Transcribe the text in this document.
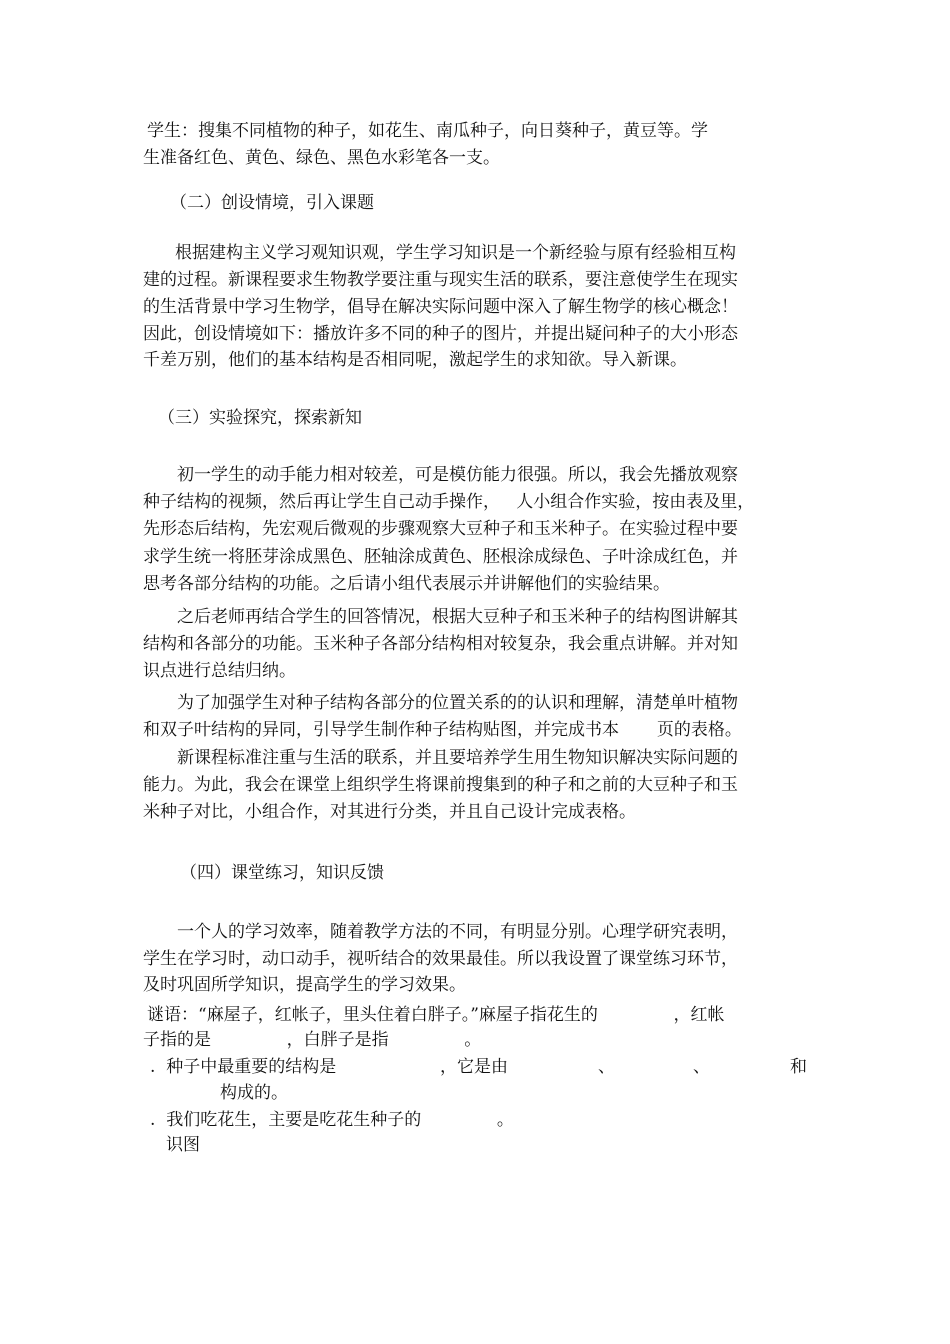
学生：搜集不同植物的种子，如花生、南瓜种子，向日葵种子，黄豆等。学

生准备红色、黄色、绿色、黑色水彩笔各一支。

（二）创设情境，引入课题

根据建构主义学习观知识观，学生学习知识是一个新经验与原有经验相互构

建的过程。新课程要求生物教学要注重与现实生活的联系，要注意使学生在现实

的生活背景中学习生物学，倡导在解决实际问题中深入了解生物学的核心概念！

因此，创设情境如下：播放许多不同的种子的图片，并提出疑问种子的大小形态

千差万别，他们的基本结构是否相同呢，激起学生的求知欲。导入新课。

（三）实验探究，探索新知

初一学生的动手能力相对较差，可是模仿能力很强。所以，我会先播放观察

种子结构的视频，然后再让学生自己动手操作，   人小组合作实验，按由表及里，

先形态后结构，先宏观后微观的步骤观察大豆种子和玉米种子。在实验过程中要

求学生统一将胚芽涂成黑色、胚轴涂成黄色、胚根涂成绿色、子叶涂成红色，并

思考各部分结构的功能。之后请小组代表展示并讲解他们的实验结果。

之后老师再结合学生的回答情况，根据大豆种子和玉米种子的结构图讲解其

结构和各部分的功能。玉米种子各部分结构相对较复杂，我会重点讲解。并对知

识点进行总结归纳。

为了加强学生对种子结构各部分的位置关系的的认识和理解，清楚单叶植物

和双子叶结构的异同，引导学生制作种子结构贴图，并完成书本       页的表格。

新课程标准注重与生活的联系，并且要培养学生用生物知识解决实际问题的

能力。为此，我会在课堂上组织学生将课前搜集到的种子和之前的大豆种子和玉

米种子对比，小组合作，对其进行分类，并且自己设计完成表格。

（四）课堂练习，知识反馈

一个人的学习效率，随着教学方法的不同，有明显分别。心理学研究表明，

学生在学习时，动口动手，视听结合的效果最佳。所以我设置了课堂练习环节，

及时巩固所学知识，提高学生的学习效果。

谜语：“麻屋子，红帐子，里头住着白胖子。”麻屋子指花生的              ，红帐

子指的是              ，白胖子是指              。

.  种子中最重要的结构是	，它是由	、	、	和

构成的。

.  我们吃花生，主要是吃花生种子的              。

识图
